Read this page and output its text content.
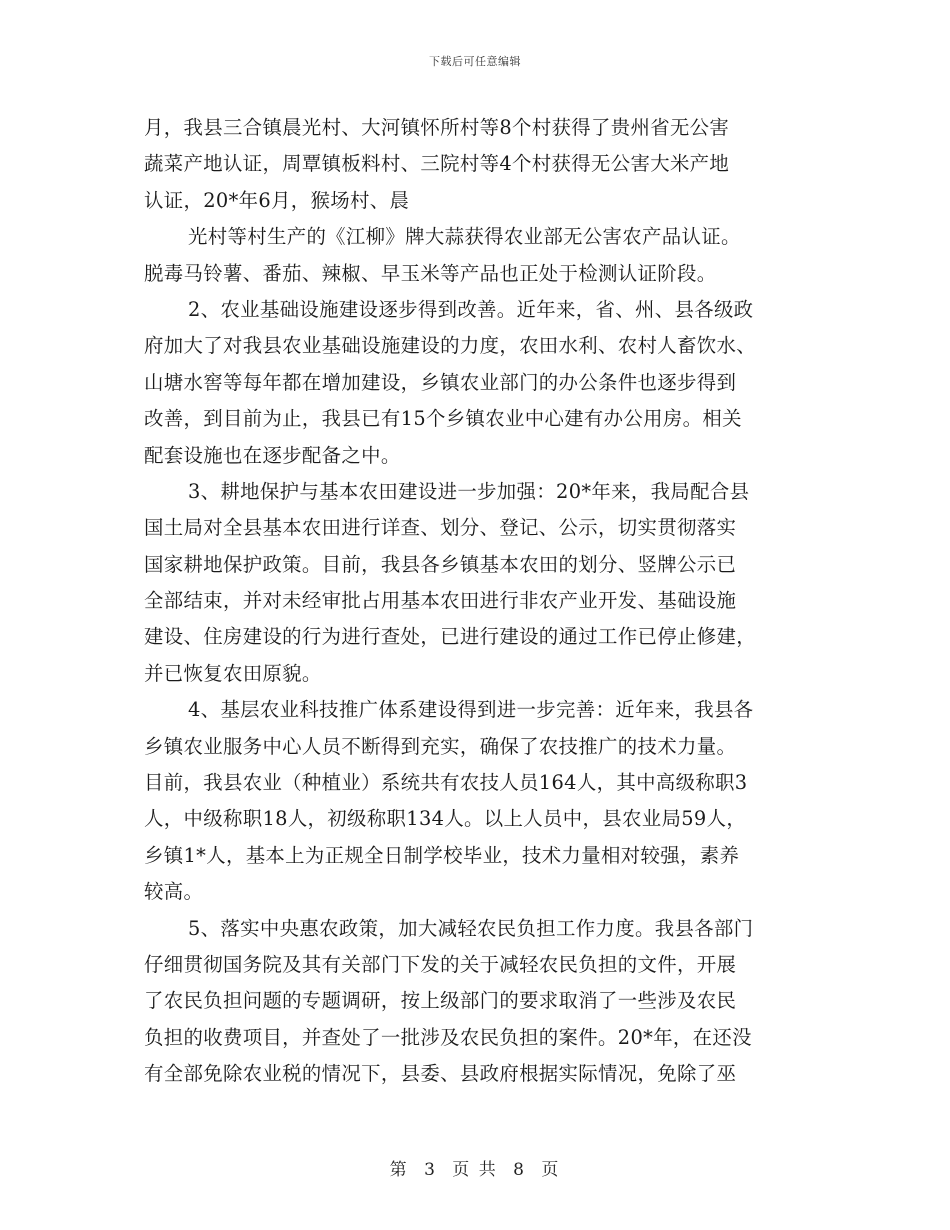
下载后可任意编辑
月，我县三合镇晨光村、大河镇怀所村等8个村获得了贵州省无公害
蔬菜产地认证，周覃镇板料村、三院村等4个村获得无公害大米产地
认证，20*年6月，猴场村、晨
光村等村生产的《江柳》牌大蒜获得农业部无公害农产品认证。
脱毒马铃薯、番茄、辣椒、早玉米等产品也正处于检测认证阶段。
2、农业基础设施建设逐步得到改善。近年来，省、州、县各级政
府加大了对我县农业基础设施建设的力度，农田水利、农村人畜饮水、
山塘水窖等每年都在增加建设，乡镇农业部门的办公条件也逐步得到
改善，到目前为止，我县已有15个乡镇农业中心建有办公用房。相关
配套设施也在逐步配备之中。
3、耕地保护与基本农田建设进一步加强：20*年来，我局配合县
国土局对全县基本农田进行详查、划分、登记、公示，切实贯彻落实
国家耕地保护政策。目前，我县各乡镇基本农田的划分、竖牌公示已
全部结束，并对未经审批占用基本农田进行非农产业开发、基础设施
建设、住房建设的行为进行查处，已进行建设的通过工作已停止修建，
并已恢复农田原貌。
4、基层农业科技推广体系建设得到进一步完善：近年来，我县各
乡镇农业服务中心人员不断得到充实，确保了农技推广的技术力量。
目前，我县农业（种植业）系统共有农技人员164人，其中高级称职3
人，中级称职18人，初级称职134人。以上人员中，县农业局59人，
乡镇1*人，基本上为正规全日制学校毕业，技术力量相对较强，素养
较高。
5、落实中央惠农政策，加大减轻农民负担工作力度。我县各部门
仔细贯彻国务院及其有关部门下发的关于减轻农民负担的文件，开展
了农民负担问题的专题调研，按上级部门的要求取消了一些涉及农民
负担的收费项目，并查处了一批涉及农民负担的案件。20*年，在还没
有全部免除农业税的情况下，县委、县政府根据实际情况，免除了巫
第 3 页 共 8 页
